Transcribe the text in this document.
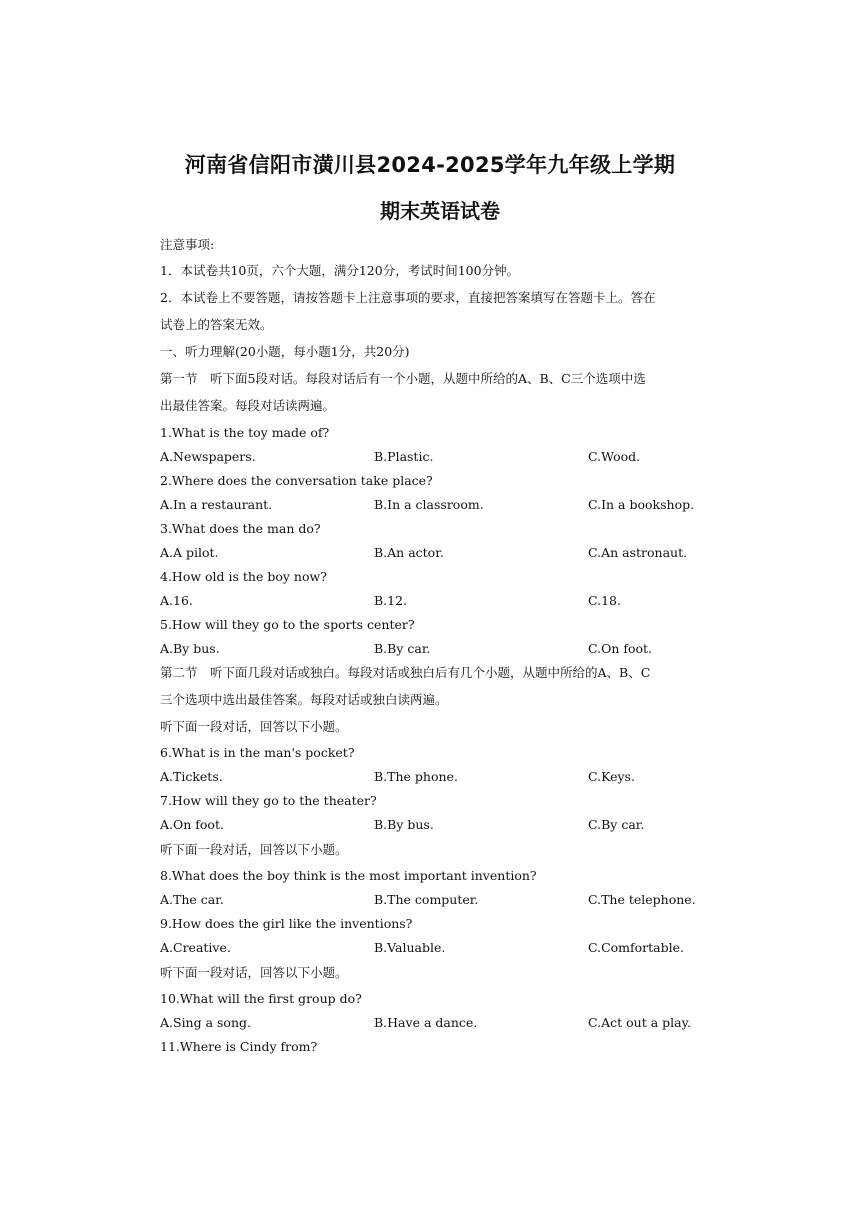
河南省信阳市潢川县2024-2025学年九年级上学期
期末英语试卷
注意事项:
1．本试卷共10页，六个大题，满分120分，考试时间100分钟。
2．本试卷上不要答题，请按答题卡上注意事项的要求，直接把答案填写在答题卡上。答在
试卷上的答案无效。
一、听力理解(20小题，每小题1分，共20分)
第一节　听下面5段对话。每段对话后有一个小题，从题中所给的A、B、C三个选项中选
出最佳答案。每段对话读两遍。
1.What is the toy made of?
A.Newspapers.	B.Plastic.	C.Wood.
2.Where does the conversation take place?
A.In a restaurant.	B.In a classroom.	C.In a bookshop.
3.What does the man do?
A.A pilot.	B.An actor.	C.An astronaut.
4.How old is the boy now?
A.16.	B.12.	C.18.
5.How will they go to the sports center?
A.By bus.	B.By car.	C.On foot.
第二节　听下面几段对话或独白。每段对话或独白后有几个小题，从题中所给的A、B、C
三个选项中选出最佳答案。每段对话或独白读两遍。
听下面一段对话，回答以下小题。
6.What is in the man's pocket?
A.Tickets.	B.The phone.	C.Keys.
7.How will they go to the theater?
A.On foot.	B.By bus.	C.By car.
听下面一段对话，回答以下小题。
8.What does the boy think is the most important invention?
A.The car.	B.The computer.	C.The telephone.
9.How does the girl like the inventions?
A.Creative.	B.Valuable.	C.Comfortable.
听下面一段对话，回答以下小题。
10.What will the first group do?
A.Sing a song.	B.Have a dance.	C.Act out a play.
11.Where is Cindy from?
